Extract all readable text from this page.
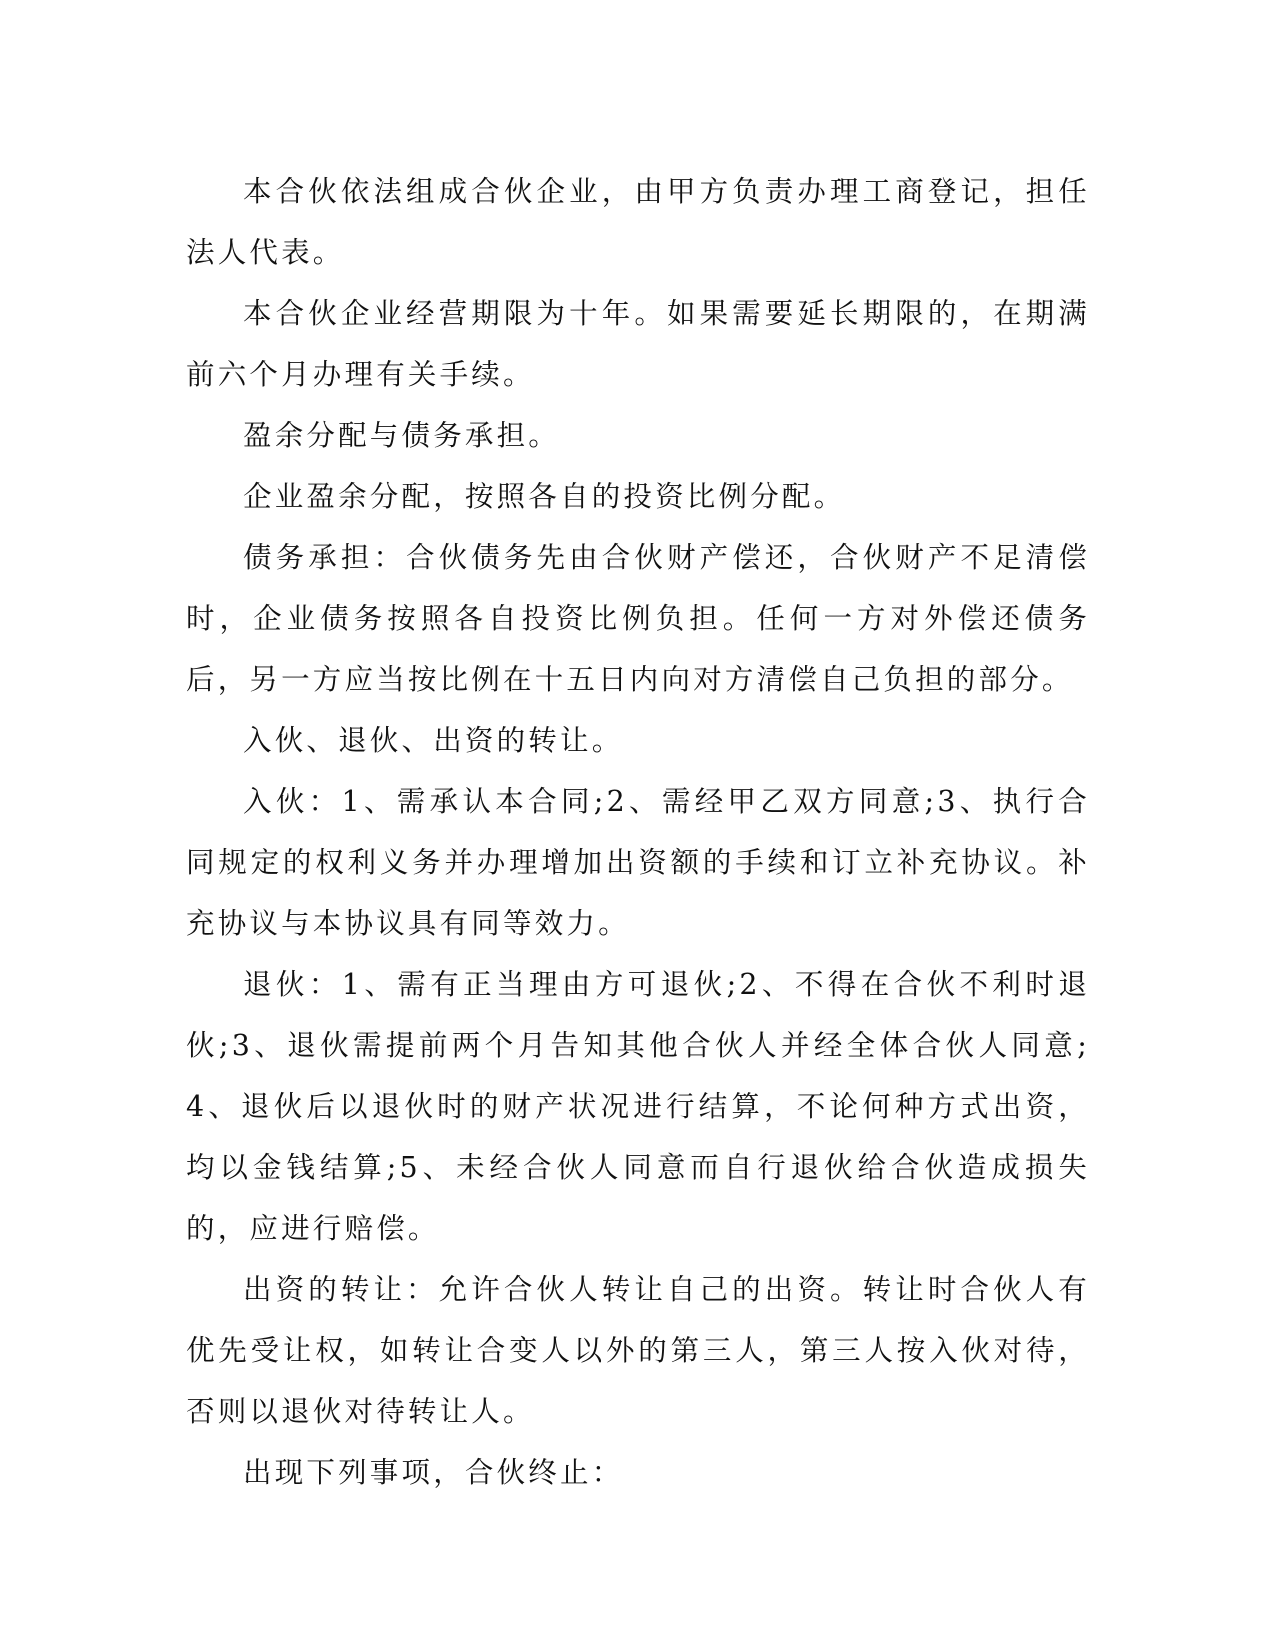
本合伙依法组成合伙企业，由甲方负责办理工商登记，担任法人代表。

本合伙企业经营期限为十年。如果需要延长期限的，在期满前六个月办理有关手续。

盈余分配与债务承担。

企业盈余分配，按照各自的投资比例分配。

债务承担：合伙债务先由合伙财产偿还，合伙财产不足清偿时，企业债务按照各自投资比例负担。任何一方对外偿还债务后，另一方应当按比例在十五日内向对方清偿自己负担的部分。

入伙、退伙、出资的转让。

入伙：1、需承认本合同;2、需经甲乙双方同意;3、执行合同规定的权利义务并办理增加出资额的手续和订立补充协议。补充协议与本协议具有同等效力。

退伙：1、需有正当理由方可退伙;2、不得在合伙不利时退伙;3、退伙需提前两个月告知其他合伙人并经全体合伙人同意;4、退伙后以退伙时的财产状况进行结算，不论何种方式出资，均以金钱结算;5、未经合伙人同意而自行退伙给合伙造成损失的，应进行赔偿。

出资的转让：允许合伙人转让自己的出资。转让时合伙人有优先受让权，如转让合变人以外的第三人，第三人按入伙对待，否则以退伙对待转让人。

出现下列事项，合伙终止：
